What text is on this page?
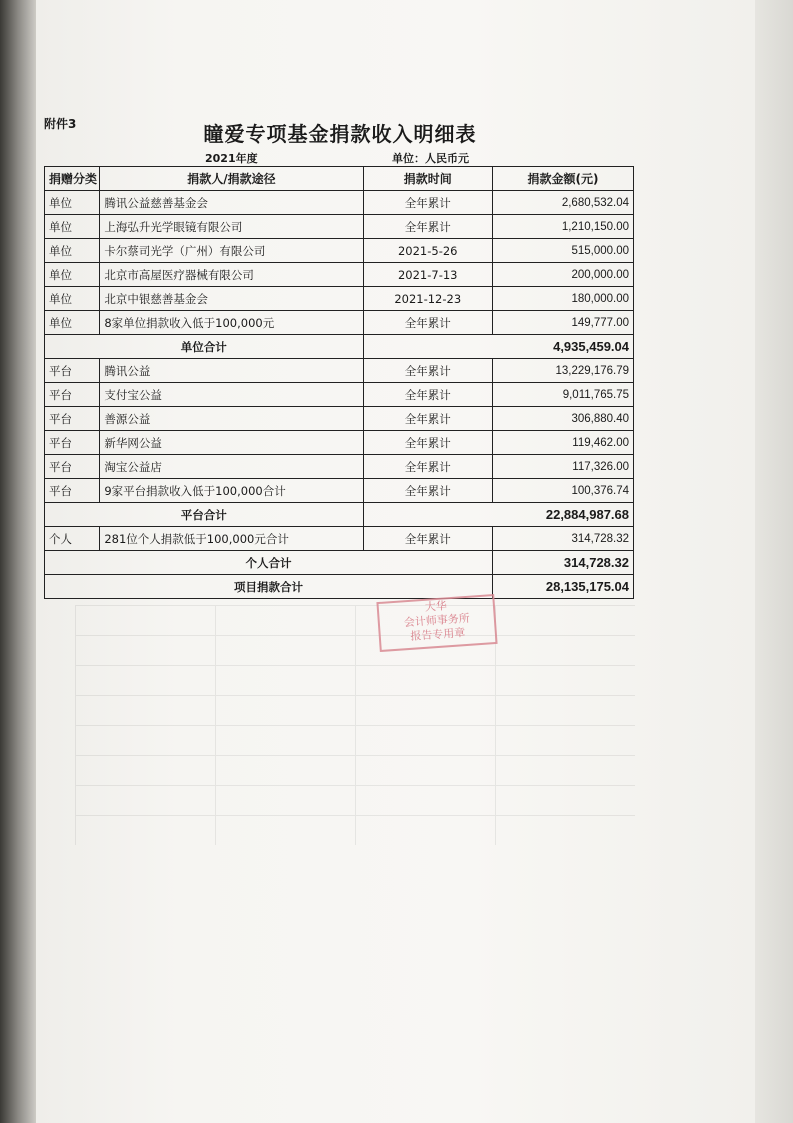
附件3	瞳爱专项基金捐款收入明细表
2021年度	单位：人民币元
捐赠分类	捐款人/捐款途径	捐款时间	捐款金额(元)
单位	腾讯公益慈善基金会	全年累计	2,680,532.04
单位	上海弘升光学眼镜有限公司	全年累计	1,210,150.00
单位	卡尔蔡司光学（广州）有限公司	2021-5-26	515,000.00
单位	北京市高屋医疗器械有限公司	2021-7-13	200,000.00
单位	北京中银慈善基金会	2021-12-23	180,000.00
单位	8家单位捐款收入低于100,000元	全年累计	149,777.00
单位合计		4,935,459.04	
平台	腾讯公益	全年累计	13,229,176.79
平台	支付宝公益	全年累计	9,011,765.75
平台	善源公益	全年累计	306,880.40
平台	新华网公益	全年累计	119,462.00
平台	淘宝公益店	全年累计	117,326.00
平台	9家平台捐款收入低于100,000合计	全年累计	100,376.74
平台合计		22,884,987.68	
个人	281位个人捐款低于100,000元合计	全年累计	314,728.32
个人合计			314,728.32
项目捐款合计			28,135,175.04
大华
会计师事务所
报告专用章
